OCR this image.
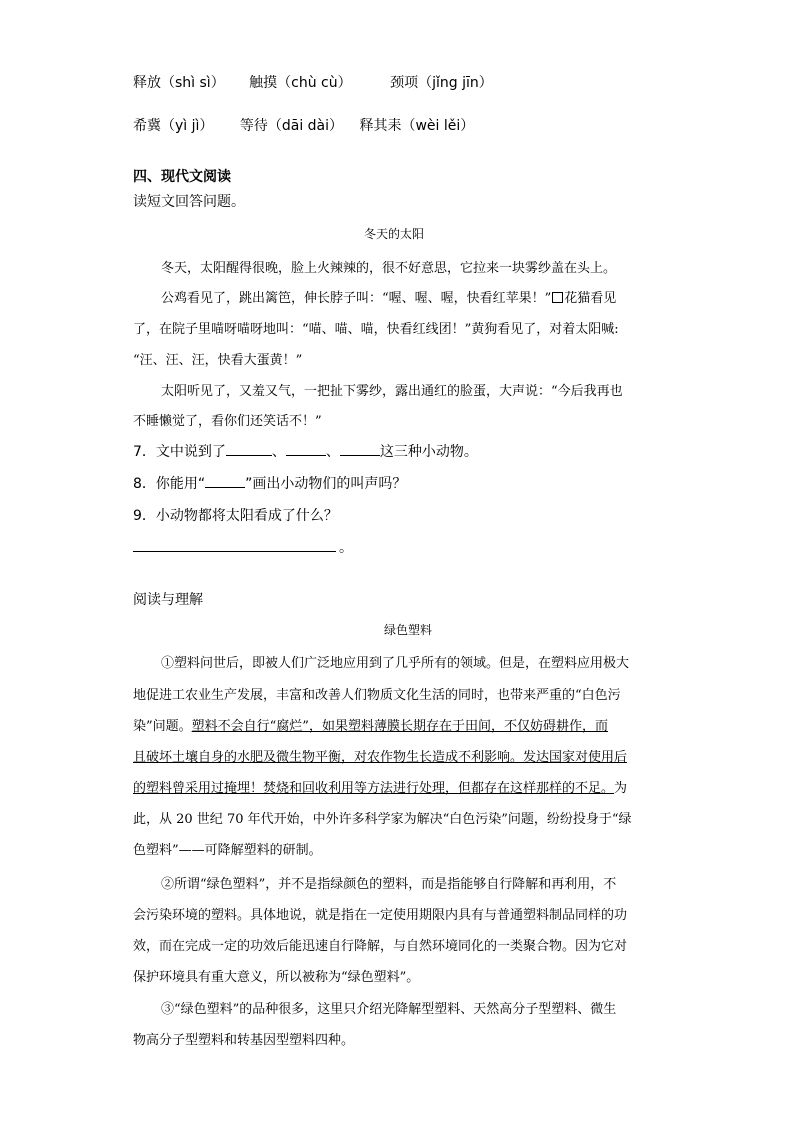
释放（shì sì） 触摸（chù cù）	颈项（jǐng jīn）
希冀（yì jì） 等待（dāi dài） 释其耒（wèi lěi）
四、现代文阅读
读短文回答问题。
冬天的太阳
冬天，太阳醒得很晚，脸上火辣辣的，很不好意思，它拉来一块雾纱盖在头上。
公鸡看见了，跳出篱笆，伸长脖子叫：“喔、喔、喔，快看红苹果！” 花猫看见
了，在院子里喵呀喵呀地叫：“喵、喵、喵，快看红线团！”黄狗看见了，对着太阳喊:
“汪、汪、汪，快看大蛋黄！”
太阳听见了，又羞又气，一把扯下雾纱，露出通红的脸蛋，大声说：“今后我再也
不睡懒觉了，看你们还笑话不！”
7．文中说到了	、	、	这三种小动物。
8．你能用“	”画出小动物们的叫声吗？
9．小动物都将太阳看成了什么？
。
阅读与理解
绿色塑料
①塑料问世后，即被人们广泛地应用到了几乎所有的领域。但是，在塑料应用极大
地促进工农业生产发展，丰富和改善人们物质文化生活的同时，也带来严重的“白色污
染”问题。塑料不会自行“腐烂”，如果塑料薄膜长期存在于田间，不仅妨碍耕作，而
且破坏土壤自身的水肥及微生物平衡，对农作物生长造成不利影响。发达国家对使用后
的塑料曾采用过掩埋！焚烧和回收利用等方法进行处理，但都存在这样那样的不足。为
此，从 20 世纪 70 年代开始，中外许多科学家为解决“白色污染”问题，纷纷投身于“绿
色塑料”——可降解塑料的研制。
②所谓“绿色塑料”，并不是指绿颜色的塑料，而是指能够自行降解和再利用，不
会污染环境的塑料。具体地说，就是指在一定使用期限内具有与普通塑料制品同样的功
效，而在完成一定的功效后能迅速自行降解，与自然环境同化的一类聚合物。因为它对
保护环境具有重大意义，所以被称为“绿色塑料”。
③“绿色塑料”的品种很多，这里只介绍光降解型塑料、天然高分子型塑料、微生
物高分子型塑料和转基因型塑料四种。
